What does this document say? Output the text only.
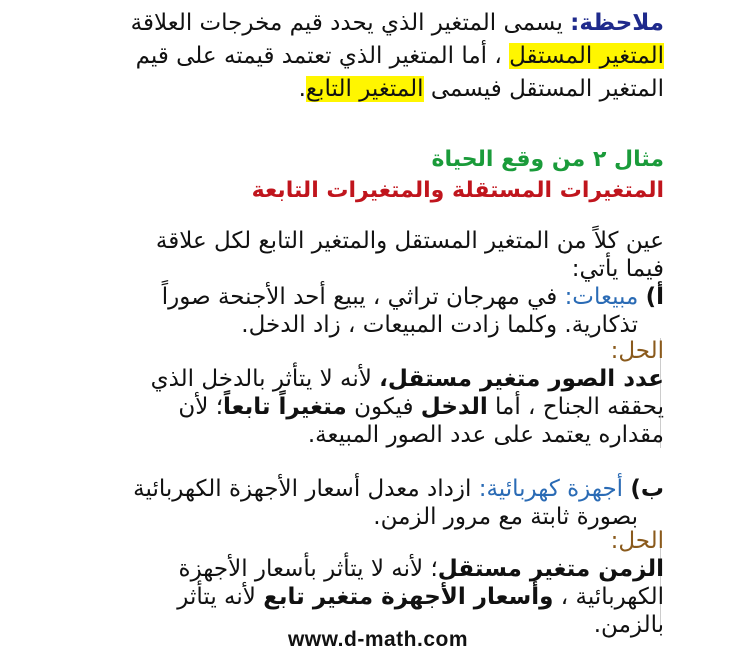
ملاحظة: يسمى المتغير الذي يحدد قيم مخرجات العلاقة
المتغير المستقل ، أما المتغير الذي تعتمد قيمته على قيم
المتغير المستقل فيسمى المتغير التابع.
مثال ٢ من وقع الحياة
المتغيرات المستقلة والمتغيرات التابعة
عين كلاً من المتغير المستقل والمتغير التابع لكل علاقة
فيما يأتي:
أ) مبيعات: في مهرجان تراثي ، يبيع أحد الأجنحة صوراً
تذكارية. وكلما زادت المبيعات ، زاد الدخل.
الحل:
عدد الصور متغير مستقل، لأنه لا يتأثر بالدخل الذي
يحققه الجناح ، أما الدخل فيكون متغيراً تابعاً؛ لأن
مقداره يعتمد على عدد الصور المبيعة.
ب) أجهزة كهربائية: ازداد معدل أسعار الأجهزة الكهربائية
بصورة ثابتة مع مرور الزمن.
الحل:
الزمن متغير مستقل؛ لأنه لا يتأثر بأسعار الأجهزة
الكهربائية ، وأسعار الأجهزة متغير تابع لأنه يتأثر
بالزمن.
www.d-math.com
